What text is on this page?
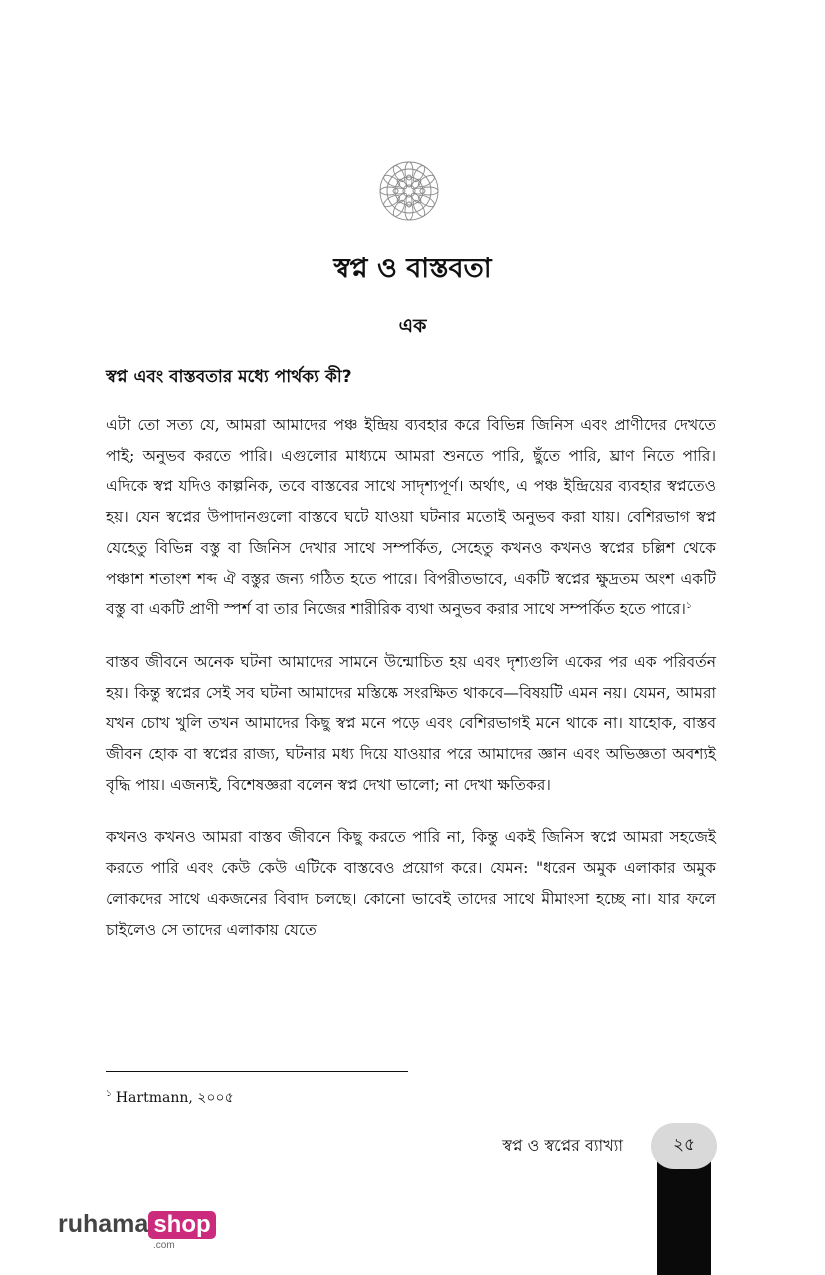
স্বপ্ন ও বাস্তবতা
এক
স্বপ্ন এবং বাস্তবতার মধ্যে পার্থক্য কী?

এটা তো সত্য যে, আমরা আমাদের পঞ্চ ইন্দ্রিয় ব্যবহার করে বিভিন্ন জিনিস এবং প্রাণীদের দেখতে পাই; অনুভব করতে পারি। এগুলোর মাধ্যমে আমরা শুনতে পারি, ছুঁতে পারি, ঘ্রাণ নিতে পারি। এদিকে স্বপ্ন যদিও কাল্পনিক, তবে বাস্তবের সাথে সাদৃশ্যপূর্ণ। অর্থাৎ, এ পঞ্চ ইন্দ্রিয়ের ব্যবহার স্বপ্নতেও হয়। যেন স্বপ্নের উপাদানগুলো বাস্তবে ঘটে যাওয়া ঘটনার মতোই অনুভব করা যায়। বেশিরভাগ স্বপ্ন যেহেতু বিভিন্ন বস্তু বা জিনিস দেখার সাথে সম্পর্কিত, সেহেতু কখনও কখনও স্বপ্নের চল্লিশ থেকে পঞ্চাশ শতাংশ শব্দ ঐ বস্তুর জন্য গঠিত হতে পারে। বিপরীতভাবে, একটি স্বপ্নের ক্ষুদ্রতম অংশ একটি বস্তু বা একটি প্রাণী স্পর্শ বা তার নিজের শারীরিক ব্যথা অনুভব করার সাথে সম্পর্কিত হতে পারে।$^১$

বাস্তব জীবনে অনেক ঘটনা আমাদের সামনে উন্মোচিত হয় এবং দৃশ্যগুলি একের পর এক পরিবর্তন হয়। কিন্তু স্বপ্নের সেই সব ঘটনা আমাদের মস্তিষ্কে সংরক্ষিত থাকবে—বিষয়টি এমন নয়। যেমন, আমরা যখন চোখ খুলি তখন আমাদের কিছু স্বপ্ন মনে পড়ে এবং বেশিরভাগই মনে থাকে না। যাহোক, বাস্তব জীবন হোক বা স্বপ্নের রাজ্য, ঘটনার মধ্য দিয়ে যাওয়ার পরে আমাদের জ্ঞান এবং অভিজ্ঞতা অবশ্যই বৃদ্ধি পায়। এজন্যই, বিশেষজ্ঞরা বলেন স্বপ্ন দেখা ভালো; না দেখা ক্ষতিকর।

কখনও কখনও আমরা বাস্তব জীবনে কিছু করতে পারি না, কিন্তু একই জিনিস স্বপ্নে আমরা সহজেই করতে পারি এবং কেউ কেউ এটিকে বাস্তবেও প্রয়োগ করে। যেমন: "ধরেন অমুক এলাকার অমুক লোকদের সাথে একজনের বিবাদ চলছে। কোনো ভাবেই তাদের সাথে মীমাংসা হচ্ছে না। যার ফলে চাইলেও সে তাদের এলাকায় যেতে

$^১$ Hartmann, ২০০৫
স্বপ্ন ও স্বপ্নের ব্যাখ্যা	২৫
ruhama shop
.com
